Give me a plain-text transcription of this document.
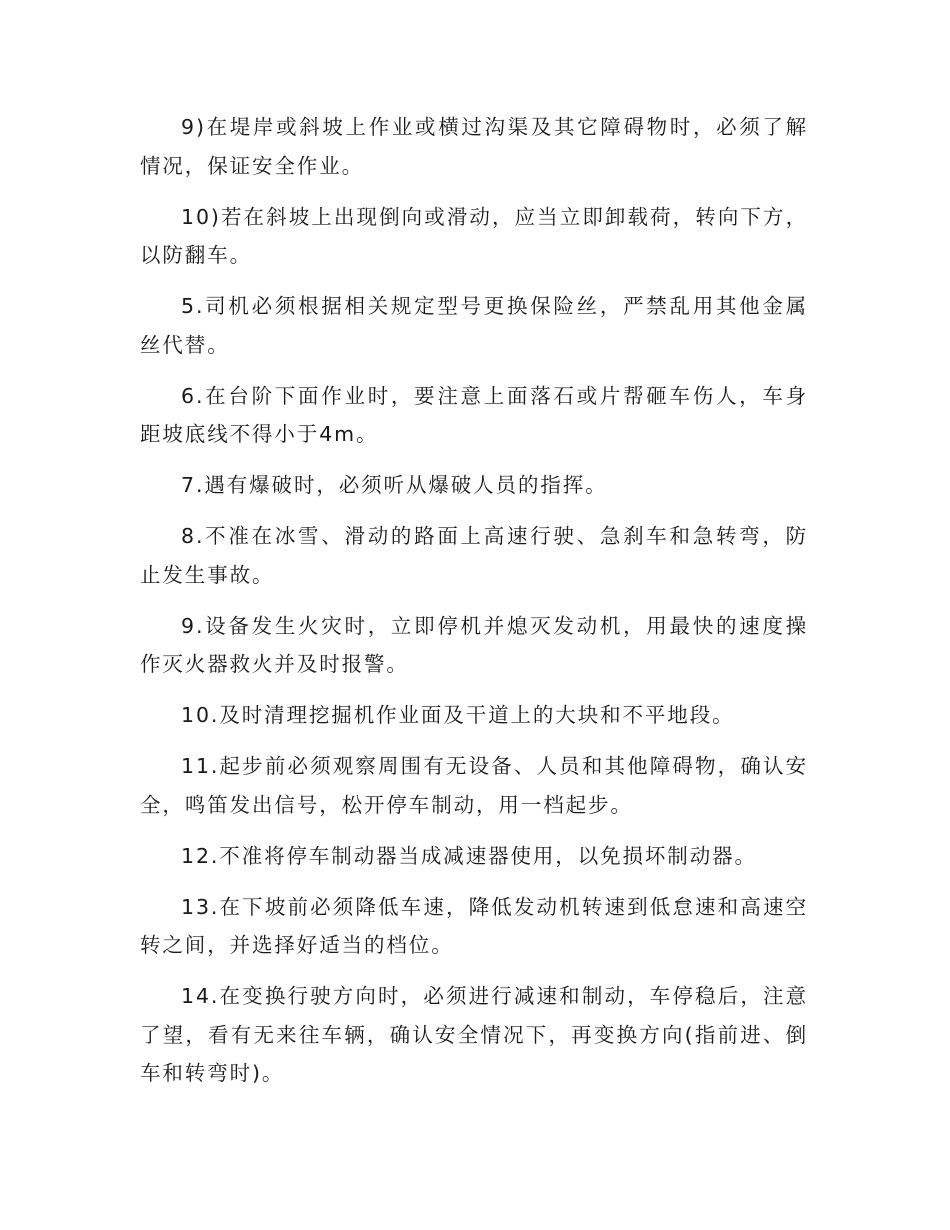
9)在堤岸或斜坡上作业或横过沟渠及其它障碍物时，必须了解情况，保证安全作业。

10)若在斜坡上出现倒向或滑动，应当立即卸载荷，转向下方，以防翻车。

5.司机必须根据相关规定型号更换保险丝，严禁乱用其他金属丝代替。

6.在台阶下面作业时，要注意上面落石或片帮砸车伤人，车身距坡底线不得小于4m。

7.遇有爆破时，必须听从爆破人员的指挥。

8.不准在冰雪、滑动的路面上高速行驶、急刹车和急转弯，防止发生事故。

9.设备发生火灾时，立即停机并熄灭发动机，用最快的速度操作灭火器救火并及时报警。

10.及时清理挖掘机作业面及干道上的大块和不平地段。

11.起步前必须观察周围有无设备、人员和其他障碍物，确认安全，鸣笛发出信号，松开停车制动，用一档起步。

12.不准将停车制动器当成减速器使用，以免损坏制动器。

13.在下坡前必须降低车速，降低发动机转速到低怠速和高速空转之间，并选择好适当的档位。

14.在变换行驶方向时，必须进行减速和制动，车停稳后，注意了望，看有无来往车辆，确认安全情况下，再变换方向(指前进、倒车和转弯时)。
